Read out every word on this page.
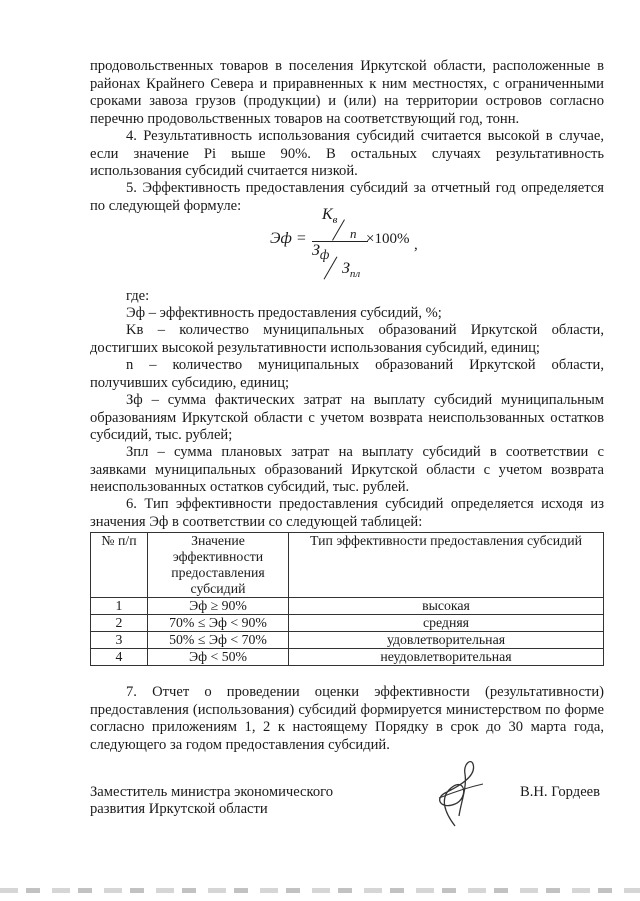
продовольственных товаров в поселения Иркутской области, расположенные в районах Крайнего Севера и приравненных к ним местностях, с ограниченными сроками завоза грузов (продукции) и (или) на территории островов согласно перечню продовольственных товаров на соответствующий год, тонн.
4. Результативность использования субсидий считается высокой в случае, если значение Pi выше 90%. В остальных случаях результативность использования субсидий считается низкой.
5. Эффективность предоставления субсидий за отчетный год определяется по следующей формуле:
Эф =
$K_в$
n
$З_ф$
$З_{пл}$
×100% ,
где:
Эф – эффективность предоставления субсидий, %;
Kв – количество муниципальных образований Иркутской области, достигших высокой результативности использования субсидий, единиц;
n – количество муниципальных образований Иркутской области, получивших субсидию, единиц;
Зф – сумма фактических затрат на выплату субсидий муниципальным образованиям Иркутской области с учетом возврата неиспользованных остатков субсидий, тыс. рублей;
Зпл – сумма плановых затрат на выплату субсидий в соответствии с заявками муниципальных образований Иркутской области с учетом возврата неиспользованных остатков субсидий, тыс. рублей.
6. Тип эффективности предоставления субсидий определяется исходя из значения Эф в соответствии со следующей таблицей:
№ п/п	Значение эффективности предоставления субсидий	Тип эффективности предоставления субсидий
1	Эф ≥ 90%	высокая
2	70% ≤ Эф < 90%	средняя
3	50% ≤ Эф < 70%	удовлетворительная
4	Эф < 50%	неудовлетворительная
7. Отчет о проведении оценки эффективности (результативности) предоставления (использования) субсидий формируется министерством по форме согласно приложениям 1, 2 к настоящему Порядку в срок до 30 марта года, следующего за годом предоставления субсидий.
Заместитель министра экономического
развития Иркутской области
В.Н. Гордеев
